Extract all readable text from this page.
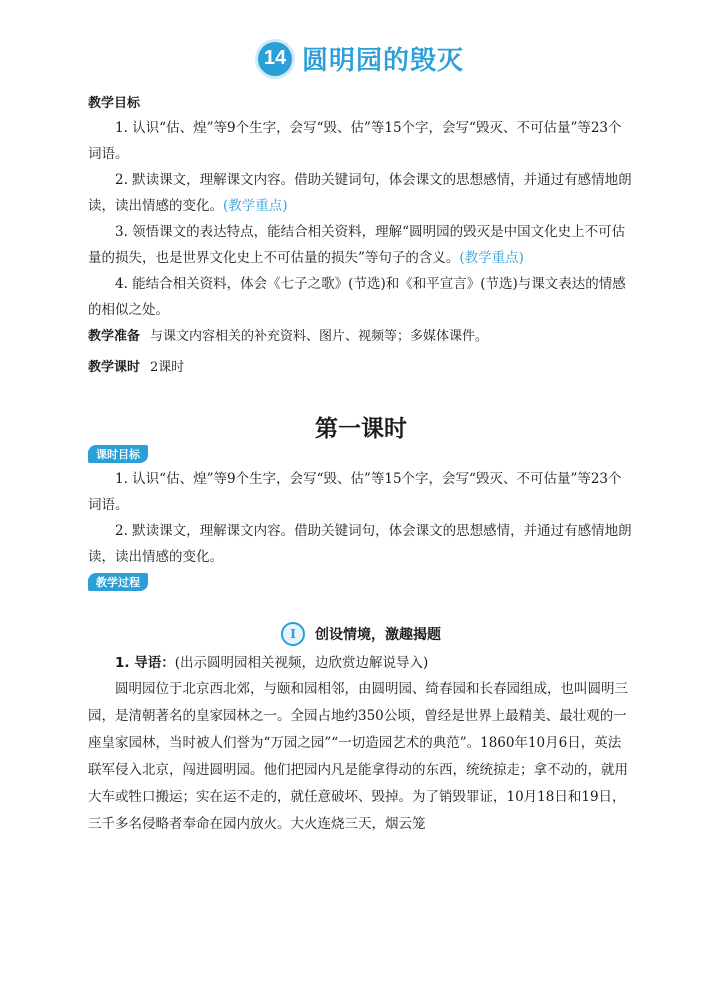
14 圆明园的毁灭
教学目标

1. 认识“估、煌”等9个生字，会写“毁、估”等15个字，会写“毁灭、不可估量”等23个词语。

2. 默读课文，理解课文内容。借助关键词句，体会课文的思想感情，并通过有感情地朗读，读出情感的变化。(教学重点)

3. 领悟课文的表达特点，能结合相关资料，理解“圆明园的毁灭是中国文化史上不可估量的损失，也是世界文化史上不可估量的损失”等句子的含义。(教学重点)

4. 能结合相关资料，体会《七子之歌》(节选)和《和平宣言》(节选)与课文表达的情感的相似之处。

教学准备 与课文内容相关的补充资料、图片、视频等；多媒体课件。
教学课时 2课时
第一课时
课时目标

1. 认识“估、煌”等9个生字，会写“毁、估”等15个字，会写“毁灭、不可估量”等23个词语。

2. 默读课文，理解课文内容。借助关键词句，体会课文的思想感情，并通过有感情地朗读，读出情感的变化。

教学过程
I	创设情境，激趣揭题
1. 导语：(出示圆明园相关视频，边欣赏边解说导入)

圆明园位于北京西北郊，与颐和园相邻，由圆明园、绮春园和长春园组成，也叫圆明三园，是清朝著名的皇家园林之一。全园占地约350公顷，曾经是世界上最精美、最壮观的一座皇家园林，当时被人们誉为“万园之园”“一切造园艺术的典范”。1860年10月6日，英法联军侵入北京，闯进圆明园。他们把园内凡是能拿得动的东西，统统掠走；拿不动的，就用大车或牲口搬运；实在运不走的，就任意破坏、毁掉。为了销毁罪证，10月18日和19日，三千多名侵略者奉命在园内放火。大火连烧三天，烟云笼
